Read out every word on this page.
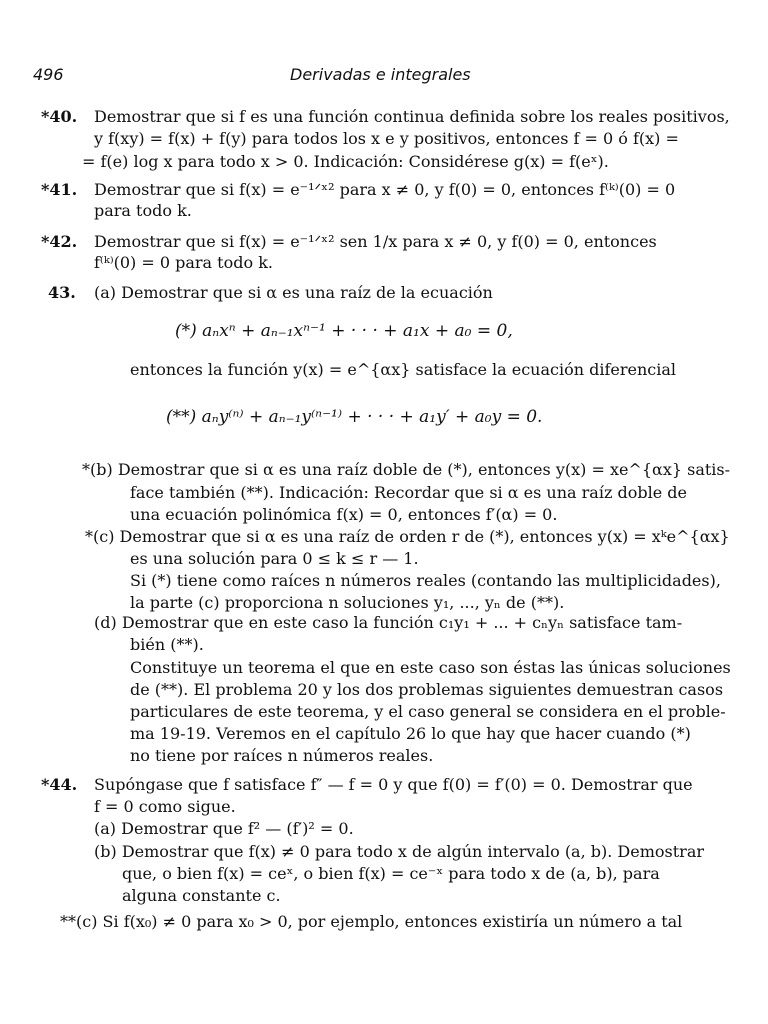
496	Derivadas e integrales
*40. Demostrar que si f es una función continua definida sobre los reales positivos,
y f(xy) = f(x) + f(y) para todos los x e y positivos, entonces f = 0 ó f(x) =
= f(e) log x para todo x > 0. Indicación: Considérese g(x) = f(eˣ).
*41. Demostrar que si f(x) = e⁻¹ᐟˣ² para x ≠ 0, y f(0) = 0, entonces f⁽ᵏ⁾(0) = 0
para todo k.
*42. Demostrar que si f(x) = e⁻¹ᐟˣ² sen 1/x para x ≠ 0, y f(0) = 0, entonces
f⁽ᵏ⁾(0) = 0 para todo k.
43. (a) Demostrar que si α es una raíz de la ecuación
(*) aₙxⁿ + aₙ₋₁xⁿ⁻¹ + · · · + a₁x + a₀ = 0,
entonces la función y(x) = e^{αx} satisface la ecuación diferencial
(**) aₙy⁽ⁿ⁾ + aₙ₋₁y⁽ⁿ⁻¹⁾ + · · · + a₁y′ + a₀y = 0.
*(b) Demostrar que si α es una raíz doble de (*), entonces y(x) = xe^{αx} satis-
face también (**). Indicación: Recordar que si α es una raíz doble de
una ecuación polinómica f(x) = 0, entonces f′(α) = 0.
*(c) Demostrar que si α es una raíz de orden r de (*), entonces y(x) = xᵏe^{αx}
es una solución para 0 ≤ k ≤ r — 1.
Si (*) tiene como raíces n números reales (contando las multiplicidades),
la parte (c) proporciona n soluciones y₁, ..., yₙ de (**).
(d) Demostrar que en este caso la función c₁y₁ + ... + cₙyₙ satisface tam-
bién (**).
Constituye un teorema el que en este caso son éstas las únicas soluciones
de (**). El problema 20 y los dos problemas siguientes demuestran casos
particulares de este teorema, y el caso general se considera en el proble-
ma 19-19. Veremos en el capítulo 26 lo que hay que hacer cuando (*)
no tiene por raíces n números reales.
*44. Supóngase que f satisface f″ — f = 0 y que f(0) = f′(0) = 0. Demostrar que
f = 0 como sigue.
(a) Demostrar que f² — (f′)² = 0.
(b) Demostrar que f(x) ≠ 0 para todo x de algún intervalo (a, b). Demostrar
que, o bien f(x) = ceˣ, o bien f(x) = ce⁻ˣ para todo x de (a, b), para
alguna constante c.
**(c) Si f(x₀) ≠ 0 para x₀ > 0, por ejemplo, entonces existiría un número a tal
